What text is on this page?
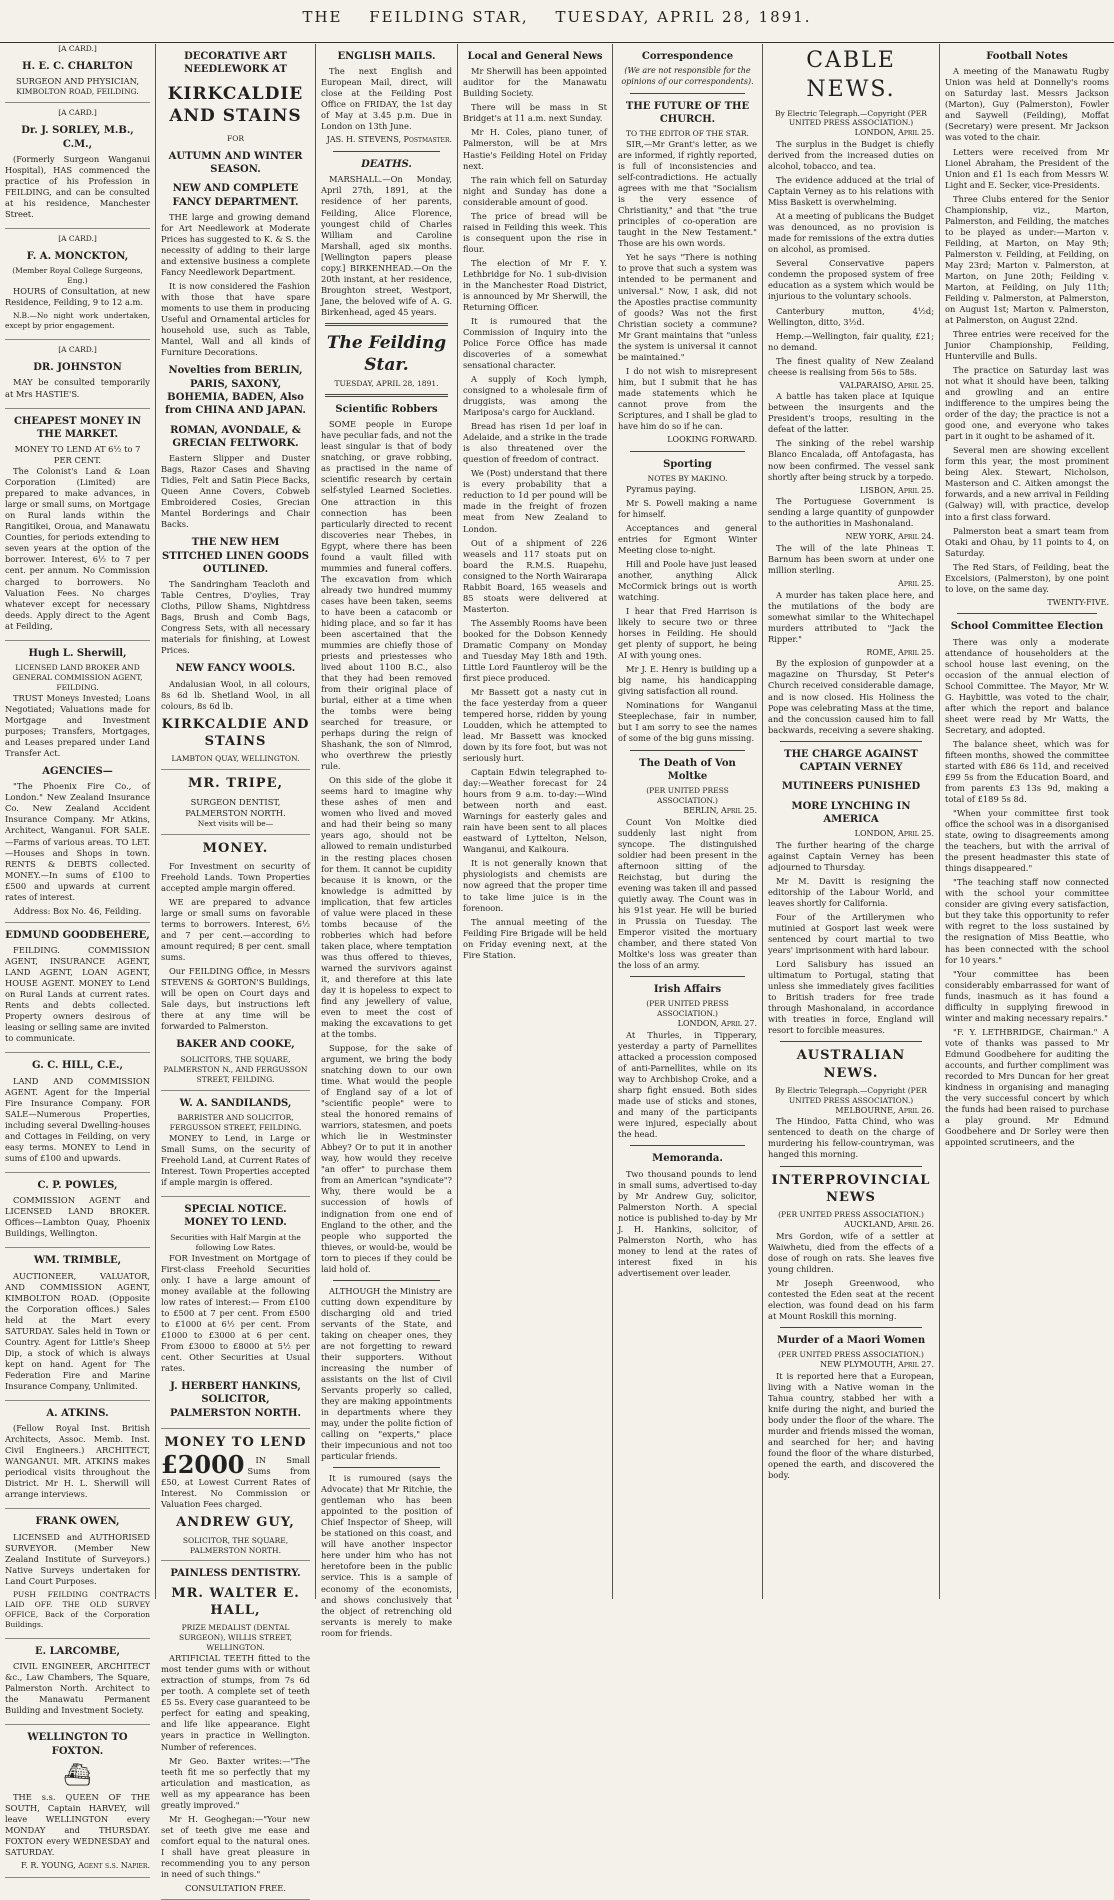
THE FEILDING STAR, TUESDAY, APRIL 28, 1891.
[A CARD.]
H. E. C. CHARLTON
SURGEON AND PHYSICIAN,
KIMBOLTON ROAD, FEILDING.
[A CARD.]
Dr. J. SORLEY, M.B., C.M.,

(Formerly Surgeon Wanganui Hospital), HAS commenced the practice of his Profession in FEILDING, and can be consulted at his residence, Manchester Street.

[A CARD.]
F. A. MONCKTON,
(Member Royal College Surgeons, Eng.)

HOURS of Consultation, at new Residence, Feilding, 9 to 12 a.m.

N.B.—No night work undertaken, except by prior engagement.

[A CARD.]
DR. JOHNSTON

MAY be consulted temporarily at Mrs HASTIE'S.

CHEAPEST MONEY IN THE MARKET.
MONEY TO LEND AT 6½ to 7 PER CENT.

The Colonist's Land & Loan Corporation (Limited) are prepared to make advances, in large or small sums, on Mortgage on Rural lands within the Rangitikei, Oroua, and Manawatu Counties, for periods extending to seven years at the option of the borrower. Interest, 6½ to 7 per cent. per annum. No Commission charged to borrowers. No Valuation Fees. No charges whatever except for necessary deeds. Apply direct to the Agent at Feilding,

Hugh L. Sherwill,
LICENSED LAND BROKER AND GENERAL COMMISSION AGENT, FEILDING.

TRUST Moneys Invested; Loans Negotiated; Valuations made for Mortgage and Investment purposes; Transfers, Mortgages, and Leases prepared under Land Transfer Act.

AGENCIES—

"The Phoenix Fire Co., of London." New Zealand Insurance Co. New Zealand Accident Insurance Company. Mr Atkins, Architect, Wanganui. FOR SALE.—Farms of various areas. TO LET.—Houses and Shops in town. RENTS & DEBTS collected. MONEY.—In sums of £100 to £500 and upwards at current rates of interest.

Address: Box No. 46, Feilding.
EDMUND GOODBEHERE,

FEILDING. COMMISSION AGENT, INSURANCE AGENT, LAND AGENT, LOAN AGENT, HOUSE AGENT. MONEY to Lend on Rural Lands at current rates. Rents and debts collected. Property owners desirous of leasing or selling same are invited to communicate.

G. C. HILL, C.E.,

LAND AND COMMISSION AGENT. Agent for the Imperial Fire Insurance Company. FOR SALE—Numerous Properties, including several Dwelling-houses and Cottages in Feilding, on very easy terms. MONEY to Lend in sums of £100 and upwards.

C. P. POWLES,

COMMISSION AGENT and LICENSED LAND BROKER. Offices—Lambton Quay, Phoenix Buildings, Wellington.

WM. TRIMBLE,

AUCTIONEER, VALUATOR, AND COMMISSION AGENT, KIMBOLTON ROAD. (Opposite the Corporation offices.) Sales held at the Mart every SATURDAY. Sales held in Town or Country. Agent for Little's Sheep Dip, a stock of which is always kept on hand. Agent for The Federation Fire and Marine Insurance Company, Unlimited.

A. ATKINS.

(Fellow Royal Inst. British Architects, Assoc. Memb. Inst. Civil Engineers.) ARCHITECT, WANGANUI. MR. ATKINS makes periodical visits throughout the District. Mr H. L. Sherwill will arrange interviews.

FRANK OWEN,

LICENSED and AUTHORISED SURVEYOR. (Member New Zealand Institute of Surveyors.) Native Surveys undertaken for Land Court Purposes.

PUSH FEILDING CONTRACTS LAID OFF. THE OLD SURVEY OFFICE, Back of the Corporation Buildings.

E. LARCOMBE,

CIVIL ENGINEER, ARCHITECT &c., Law Chambers, The Square, Palmerston North. Architect to the Manawatu Permanent Building and Investment Society.

WELLINGTON TO FOXTON.
⛴

THE s.s. QUEEN OF THE SOUTH, Captain HARVEY, will leave WELLINGTON every MONDAY and THURSDAY. FOXTON every WEDNESDAY and SATURDAY.

F. R. YOUNG, Agent s.s. Napier.
DECORATIVE ART NEEDLEWORK AT
KIRKCALDIE AND STAINS
FOR
AUTUMN AND WINTER SEASON.
NEW AND COMPLETE FANCY DEPARTMENT.

THE large and growing demand for Art Needlework at Moderate Prices has suggested to K. & S. the necessity of adding to their large and extensive business a complete Fancy Needlework Department.

It is now considered the Fashion with those that have spare moments to use them in producing Useful and Ornamental articles for household use, such as Table, Mantel, Wall and all kinds of Furniture Decorations.

Novelties from BERLIN, PARIS, SAXONY, BOHEMIA, BADEN, Also from CHINA AND JAPAN.
ROMAN, AVONDALE, & GRECIAN FELTWORK.

Eastern Slipper and Duster Bags, Razor Cases and Shaving Tidies, Felt and Satin Piece Backs, Queen Anne Covers, Cobweb Embroidered Cosies, Grecian Mantel Borderings and Chair Backs.

THE NEW HEM STITCHED LINEN GOODS OUTLINED.

The Sandringham Teacloth and Table Centres, D'oylies, Tray Cloths, Pillow Shams, Nightdress Bags, Brush and Comb Bags, Congress Sets, with all necessary materials for finishing, at Lowest Prices.

NEW FANCY WOOLS.

Andalusian Wool, in all colours, 8s 6d lb. Shetland Wool, in all colours, 8s 6d lb.

KIRKCALDIE AND STAINS
LAMBTON QUAY, WELLINGTON.
MR. TRIPE,
SURGEON DENTIST, PALMERSTON NORTH.
Next visits will be—
MONEY.

For Investment on security of Freehold Lands. Town Properties accepted ample margin offered.

WE are prepared to advance large or small sums on favorable terms to borrowers. Interest, 6½ and 7 per cent.—according to amount required; 8 per cent. small sums.

Our FEILDING Office, in Messrs STEVENS & GORTON'S Buildings, will be open on Court days and Sale days, but instructions left there at any time will be forwarded to Palmerston.

BAKER AND COOKE,
SOLICITORS, THE SQUARE, PALMERSTON N., AND FERGUSSON STREET, FEILDING.
W. A. SANDILANDS,
BARRISTER AND SOLICITOR, FERGUSSON STREET, FEILDING.

MONEY to Lend, in Large or Small Sums, on the security of Freehold Land, at Current Rates of Interest. Town Properties accepted if ample margin is offered.

SPECIAL NOTICE. MONEY TO LEND.
Securities with Half Margin at the following Low Rates.

FOR Investment on Mortgage of First-class Freehold Securities only. I have a large amount of money available at the following low rates of interest:— From £100 to £500 at 7 per cent. From £500 to £1000 at 6½ per cent. From £1000 to £3000 at 6 per cent. From £3000 to £8000 at 5½ per cent. Other Securities at Usual rates.

J. HERBERT HANKINS, SOLICITOR, PALMERSTON NORTH.
MONEY TO LEND
£2000	IN Small Sums from £50, at Lowest Current Rates of Interest. No Commission or Valuation Fees charged.

ANDREW GUY,
SOLICITOR, THE SQUARE, PALMERSTON NORTH.
PAINLESS DENTISTRY.
MR. WALTER E. HALL,
PRIZE MEDALIST (DENTAL SURGEON), WILLIS STREET, WELLINGTON.

ARTIFICIAL TEETH fitted to the most tender gums with or without extraction of stumps, from 7s 6d per tooth. A complete set of teeth £5 5s. Every case guaranteed to be perfect for eating and speaking, and life like appearance. Eight years in practice in Wellington. Number of references.

Mr Geo. Baxter writes:—"The teeth fit me so perfectly that my articulation and mastication, as well as my appearance has been greatly improved."

Mr H. Geoghegan:—"Your new set of teeth give me ease and comfort equal to the natural ones. I shall have great pleasure in recommending you to any person in need of such things."

CONSULTATION FREE.
ENGLISH MAILS.

The next English and European Mail, direct, will close at the Feilding Post Office on FRIDAY, the 1st day of May at 3.45 p.m. Due in London on 13th June.

JAS. H. STEVENS, Postmaster.
DEATHS.

MARSHALL.—On Monday, April 27th, 1891, at the residence of her parents, Feilding, Alice Florence, youngest child of Charles William and Caroline Marshall, aged six months. [Wellington papers please copy.] BIRKENHEAD.—On the 20th instant, at her residence, Broughton street, Westport, Jane, the beloved wife of A. G. Birkenhead, aged 45 years.

The Feilding Star.
TUESDAY, APRIL 28, 1891.
Scientific Robbers

SOME people in Europe have peculiar fads, and not the least singular is that of body snatching, or grave robbing, as practised in the name of scientific research by certain self-styled Learned Societies. One attraction in this connection has been particularly directed to recent discoveries near Thebes, in Egypt, where there has been found a vault filled with mummies and funeral coffers. The excavation from which already two hundred mummy cases have been taken, seems to have been a catacomb or hiding place, and so far it has been ascertained that the mummies are chiefly those of priests and priestesses who lived about 1100 B.C., also that they had been removed from their original place of burial, either at a time when the tombs were being searched for treasure, or perhaps during the reign of Shashank, the son of Nimrod, who overthrew the priestly rule.

On this side of the globe it seems hard to imagine why these ashes of men and women who lived and moved and had their being so many years ago, should not be allowed to remain undisturbed in the resting places chosen for them. It cannot be cupidity because it is known, or the knowledge is admitted by implication, that few articles of value were placed in these tombs because of the robberies which had before taken place, where temptation was thus offered to thieves, warned the survivors against it, and therefore at this late day it is hopeless to expect to find any jewellery of value, even to meet the cost of making the excavations to get at the tombs.

Suppose, for the sake of argument, we bring the body snatching down to our own time. What would the people of England say of a lot of "scientific people" were to steal the honored remains of warriors, statesmen, and poets which lie in Westminster Abbey? Or to put it in another way, how would they receive "an offer" to purchase them from an American "syndicate"? Why, there would be a succession of howls of indignation from one end of England to the other, and the people who supported the thieves, or would-be, would be torn to pieces if they could be laid hold of.

ALTHOUGH the Ministry are cutting down expenditure by discharging old and tried servants of the State, and taking on cheaper ones, they are not forgetting to reward their supporters. Without increasing the number of assistants on the list of Civil Servants properly so called, they are making appointments in departments where they may, under the polite fiction of calling on "experts," place their impecunious and not too particular friends.

It is rumoured (says the Advocate) that Mr Ritchie, the gentleman who has been appointed to the position of Chief Inspector of Sheep, will be stationed on this coast, and will have another inspector here under him who has not heretofore been in the public service. This is a sample of economy of the economists, and shows conclusively that the object of retrenching old servants is merely to make room for friends.

Local and General News

Mr Sherwill has been appointed auditor for the Manawatu Building Society.

There will be mass in St Bridget's at 11 a.m. next Sunday.

Mr H. Coles, piano tuner, of Palmerston, will be at Mrs Hastie's Feilding Hotel on Friday next.

The rain which fell on Saturday night and Sunday has done a considerable amount of good.

The price of bread will be raised in Feilding this week. This is consequent upon the rise in flour.

The election of Mr F. Y. Lethbridge for No. 1 sub-division in the Manchester Road District, is announced by Mr Sherwill, the Returning Officer.

It is rumoured that the Commission of Inquiry into the Police Force Office has made discoveries of a somewhat sensational character.

A supply of Koch lymph, consigned to a wholesale firm of druggists, was among the Mariposa's cargo for Auckland.

Bread has risen 1d per loaf in Adelaide, and a strike in the trade is also threatened over the question of freedom of contract.

We (Post) understand that there is every probability that a reduction to 1d per pound will be made in the freight of frozen meat from New Zealand to London.

Out of a shipment of 226 weasels and 117 stoats put on board the R.M.S. Ruapehu, consigned to the North Wairarapa Rabbit Board, 165 weasels and 85 stoats were delivered at Masterton.

The Assembly Rooms have been booked for the Dobson Kennedy Dramatic Company on Monday and Tuesday May 18th and 19th. Little Lord Fauntleroy will be the first piece produced.

Mr Bassett got a nasty cut in the face yesterday from a queer tempered horse, ridden by young Loudden, which he attempted to lead. Mr Bassett was knocked down by its fore foot, but was not seriously hurt.

Captain Edwin telegraphed to-day:—Weather forecast for 24 hours from 9 a.m. to-day:—Wind between north and east. Warnings for easterly gales and rain have been sent to all places eastward of Lyttelton, Nelson, Wanganui, and Kaikoura.

It is not generally known that physiologists and chemists are now agreed that the proper time to take lime juice is in the forenoon.

The annual meeting of the Feilding Fire Brigade will be held on Friday evening next, at the Fire Station.

Correspondence
(We are not responsible for the opinions of our correspondents).
THE FUTURE OF THE CHURCH.
TO THE EDITOR OF THE STAR.

SIR,—Mr Grant's letter, as we are informed, if rightly reported, is full of inconsistencies and self-contradictions. He actually agrees with me that "Socialism is the very essence of Christianity," and that "the true principles of co-operation are taught in the New Testament." Those are his own words.

Yet he says "There is nothing to prove that such a system was intended to be permanent and universal." Now, I ask, did not the Apostles practise community of goods? Was not the first Christian society a commune? Mr Grant maintains that "unless the system is universal it cannot be maintained."

I do not wish to misrepresent him, but I submit that he has made statements which he cannot prove from the Scriptures, and I shall be glad to have him do so if he can.

LOOKING FORWARD.
Sporting
NOTES BY MAKINO.

Pyramus paying.

Mr S. Powell making a name for himself.

Acceptances and general entries for Egmont Winter Meeting close to-night.

Hill and Poole have just leased another, anything Alick McCormick brings out is worth watching.

I hear that Fred Harrison is likely to secure two or three horses in Feilding. He should get plenty of support, he being AI with young ones.

Mr J. E. Henry is building up a big name, his handicapping giving satisfaction all round.

Nominations for Wanganui Steeplechase, fair in number, but I am sorry to see the names of some of the big guns missing.

The Death of Von Moltke
(PER UNITED PRESS ASSOCIATION.)
BERLIN, April 25.

Count Von Moltke died suddenly last night from syncope. The distinguished soldier had been present in the afternoon sitting of the Reichstag, but during the evening was taken ill and passed quietly away. The Count was in his 91st year. He will be buried in Prussia on Tuesday. The Emperor visited the mortuary chamber, and there stated Von Moltke's loss was greater than the loss of an army.

Irish Affairs
(PER UNITED PRESS ASSOCIATION.)
LONDON, April 27.

At Thurles, in Tipperary, yesterday a party of Parnellites attacked a procession composed of anti-Parnellites, while on its way to Archbishop Croke, and a sharp fight ensued. Both sides made use of sticks and stones, and many of the participants were injured, especially about the head.

Memoranda.

Two thousand pounds to lend in small sums, advertised to-day by Mr Andrew Guy, solicitor, Palmerston North. A special notice is published to-day by Mr J. H. Hankins, solicitor, of Palmerston North, who has money to lend at the rates of interest fixed in his advertisement over leader.

CABLE NEWS.
By Electric Telegraph.—Copyright (PER UNITED PRESS ASSOCIATION.)
LONDON, April 25.

The surplus in the Budget is chiefly derived from the increased duties on alcohol, tobacco, and tea.

The evidence adduced at the trial of Captain Verney as to his relations with Miss Baskett is overwhelming.

At a meeting of publicans the Budget was denounced, as no provision is made for remissions of the extra duties on alcohol, as promised.

Several Conservative papers condemn the proposed system of free education as a system which would be injurious to the voluntary schools.

Canterbury mutton, 4½d; Wellington, ditto, 3½d.

Hemp.—Wellington, fair quality, £21; no demand.

The finest quality of New Zealand cheese is realising from 56s to 58s.

VALPARAISO, April 25.

A battle has taken place at Iquique between the insurgents and the President's troops, resulting in the defeat of the latter.

The sinking of the rebel warship Blanco Encalada, off Antofagasta, has now been confirmed. The vessel sank shortly after being struck by a torpedo.

LISBON, April 25.

The Portuguese Government is sending a large quantity of gunpowder to the authorities in Mashonaland.

NEW YORK, April 24.

The will of the late Phineas T. Barnum has been sworn at under one million sterling.

April 25.

A murder has taken place here, and the mutilations of the body are somewhat similar to the Whitechapel murders attributed to "Jack the Ripper."

ROME, April 25.

By the explosion of gunpowder at a magazine on Thursday, St Peter's Church received considerable damage, and is now closed. His Holiness the Pope was celebrating Mass at the time, and the concussion caused him to fall backwards, receiving a severe shaking.

THE CHARGE AGAINST CAPTAIN VERNEY
MUTINEERS PUNISHED
MORE LYNCHING IN AMERICA
LONDON, April 25.

The further hearing of the charge against Captain Verney has been adjourned to Thursday.

Mr M. Davitt is resigning the editorship of the Labour World, and leaves shortly for California.

Four of the Artillerymen who mutinied at Gosport last week were sentenced by court martial to two years' imprisonment with hard labour.

Lord Salisbury has issued an ultimatum to Portugal, stating that unless she immediately gives facilities to British traders for free trade through Mashonaland, in accordance with treaties in force, England will resort to forcible measures.

AUSTRALIAN NEWS.
By Electric Telegraph.—Copyright (PER UNITED PRESS ASSOCIATION.)
MELBOURNE, April 26.

The Hindoo, Fatta Chind, who was sentenced to death on the charge of murdering his fellow-countryman, was hanged this morning.

INTERPROVINCIAL NEWS
(PER UNITED PRESS ASSOCIATION.)
AUCKLAND, April 26.

Mrs Gordon, wife of a settler at Waiwhetu, died from the effects of a dose of rough on rats. She leaves five young children.

Mr Joseph Greenwood, who contested the Eden seat at the recent election, was found dead on his farm at Mount Roskill this morning.

Murder of a Maori Women
(PER UNITED PRESS ASSOCIATION.)
NEW PLYMOUTH, April 27.

It is reported here that a European, living with a Native woman in the Tahua country, stabbed her with a knife during the night, and buried the body under the floor of the whare. The murder and friends missed the woman, and searched for her; and having found the floor of the whare disturbed, opened the earth, and discovered the body.

Football Notes

A meeting of the Manawatu Rugby Union was held at Donnelly's rooms on Saturday last. Messrs Jackson (Marton), Guy (Palmerston), Fowler and Saywell (Feilding), Moffat (Secretary) were present. Mr Jackson was voted to the chair.

Letters were received from Mr Lionel Abraham, the President of the Union and £1 1s each from Messrs W. Light and E. Secker, vice-Presidents.

Three Clubs entered for the Senior Championship, viz., Marton, Palmerston, and Feilding, the matches to be played as under:—Marton v. Feilding, at Marton, on May 9th; Palmerston v. Feilding, at Feilding, on May 23rd; Marton v. Palmerston, at Marton, on June 20th; Feilding v. Marton, at Feilding, on July 11th; Feilding v. Palmerston, at Palmerston, on August 1st; Marton v. Palmerston, at Palmerston, on August 22nd.

Three entries were received for the Junior Championship, Feilding, Hunterville and Bulls.

The practice on Saturday last was not what it should have been, talking and growling and an entire indifference to the umpires being the order of the day; the practice is not a good one, and everyone who takes part in it ought to be ashamed of it.

Several men are showing excellent form this year, the most prominent being Alex. Stewart, Nicholson, Masterson and C. Aitken amongst the forwards, and a new arrival in Feilding (Galway) will, with practice, develop into a first class forward.

Palmerston beat a smart team from Otaki and Ohau, by 11 points to 4, on Saturday.

The Red Stars, of Feilding, beat the Excelsiors, (Palmerston), by one point to love, on the same day.

TWENTY-FIVE.
School Committee Election

There was only a moderate attendance of householders at the school house last evening, on the occasion of the annual election of School Committee. The Mayor, Mr W. G. Haybittle, was voted to the chair, after which the report and balance sheet were read by Mr Watts, the Secretary, and adopted.

The balance sheet, which was for fifteen months, showed the committee started with £86 6s 11d, and received £99 5s from the Education Board, and from parents £3 13s 9d, making a total of £189 5s 8d.

"When your committee first took office the school was in a disorganised state, owing to disagreements among the teachers, but with the arrival of the present headmaster this state of things disappeared."

"The teaching staff now connected with the school your committee consider are giving every satisfaction, but they take this opportunity to refer with regret to the loss sustained by the resignation of Miss Beattie, who has been connected with the school for 10 years."

"Your committee has been considerably embarrassed for want of funds, inasmuch as it has found a difficulty in supplying firewood in winter and making necessary repairs."

"F. Y. LETHBRIDGE, Chairman." A vote of thanks was passed to Mr Edmund Goodbehere for auditing the accounts, and further compliment was recorded to Mrs Duncan for her great kindness in organising and managing the very successful concert by which the funds had been raised to purchase a play ground. Mr Edmund Goodbehere and Dr Sorley were then appointed scrutineers, and the
